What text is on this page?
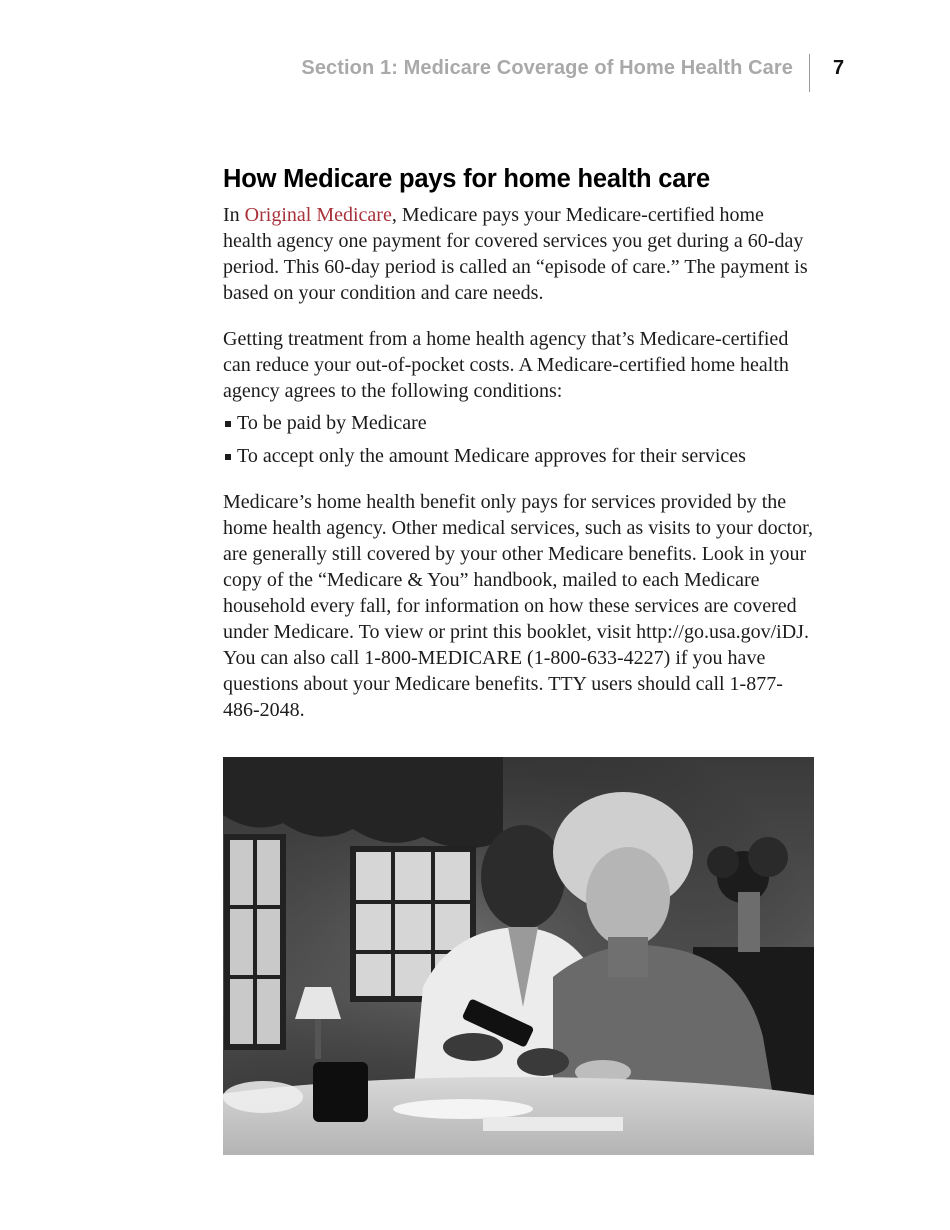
Section 1: Medicare Coverage of Home Health Care 7
How Medicare pays for home health care

In Original Medicare, Medicare pays your Medicare-certified home health agency one payment for covered services you get during a 60-day period. This 60-day period is called an “episode of care.” The payment is based on your condition and care needs.

Getting treatment from a home health agency that’s Medicare-certified can reduce your out-of-pocket costs. A Medicare-certified home health agency agrees to the following conditions:

To be paid by Medicare
To accept only the amount Medicare approves for their services

Medicare’s home health benefit only pays for services provided by the home health agency. Other medical services, such as visits to your doctor, are generally still covered by your other Medicare benefits. Look in your copy of the “Medicare & You” handbook, mailed to each Medicare household every fall, for information on how these services are covered under Medicare. To view or print this booklet, visit http://go.usa.gov/iDJ. You can also call 1-800-MEDICARE (1-800-633-4227) if you have questions about your Medicare benefits. TTY users should call 1-877-486-2048.
